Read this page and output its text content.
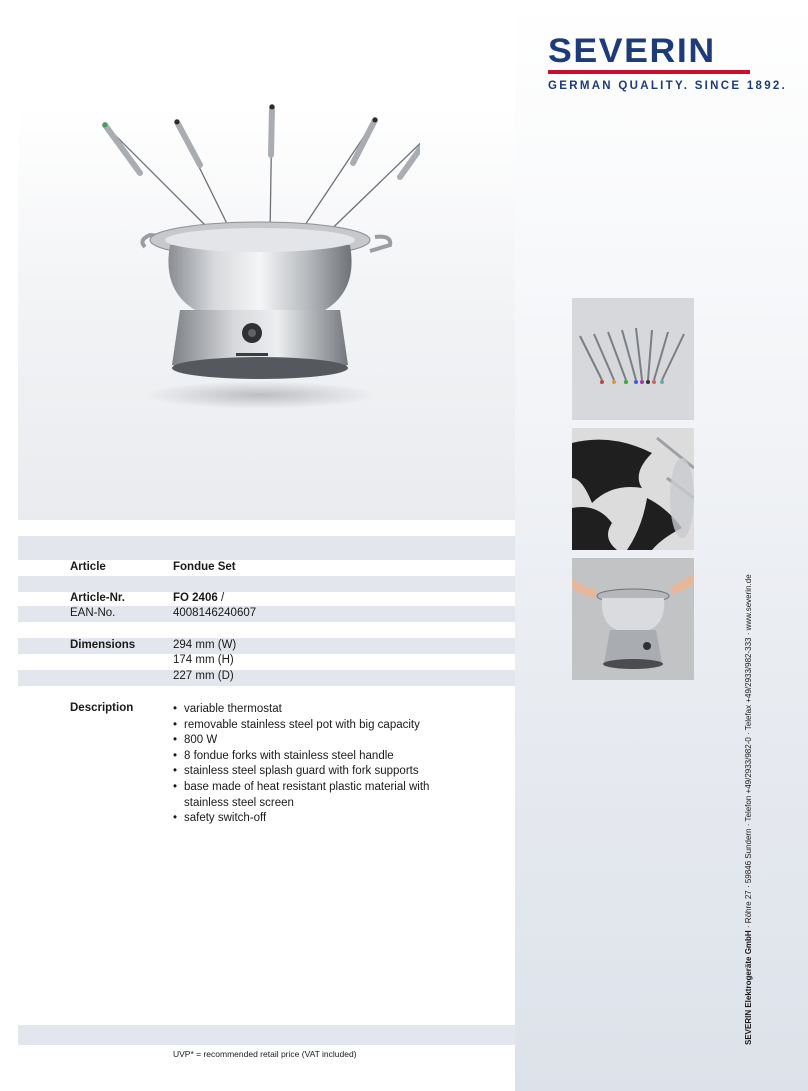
SEVERIN
GERMAN QUALITY. SINCE 1892.
Article	Fondue Set
Article-Nr.	FO 2406 /
EAN-No.	4008146240607
Dimensions	294 mm (W)
174 mm (H)
227 mm (D)
Description
•	variable thermostat
• removable stainless steel pot with big capacity
• 800 W
• 8 fondue forks with stainless steel handle
• stainless steel splash guard with fork supports
• base made of heat resistant plastic material with stainless steel screen
• safety switch-off
UVP* = recommended retail price (VAT included)
SEVERIN Elektrogeräte GmbH · Röhre 27 · 59846 Sundern · Telefon +49/2933/982-0 · Telefax +49/2933/982-333 · www.severin.de
